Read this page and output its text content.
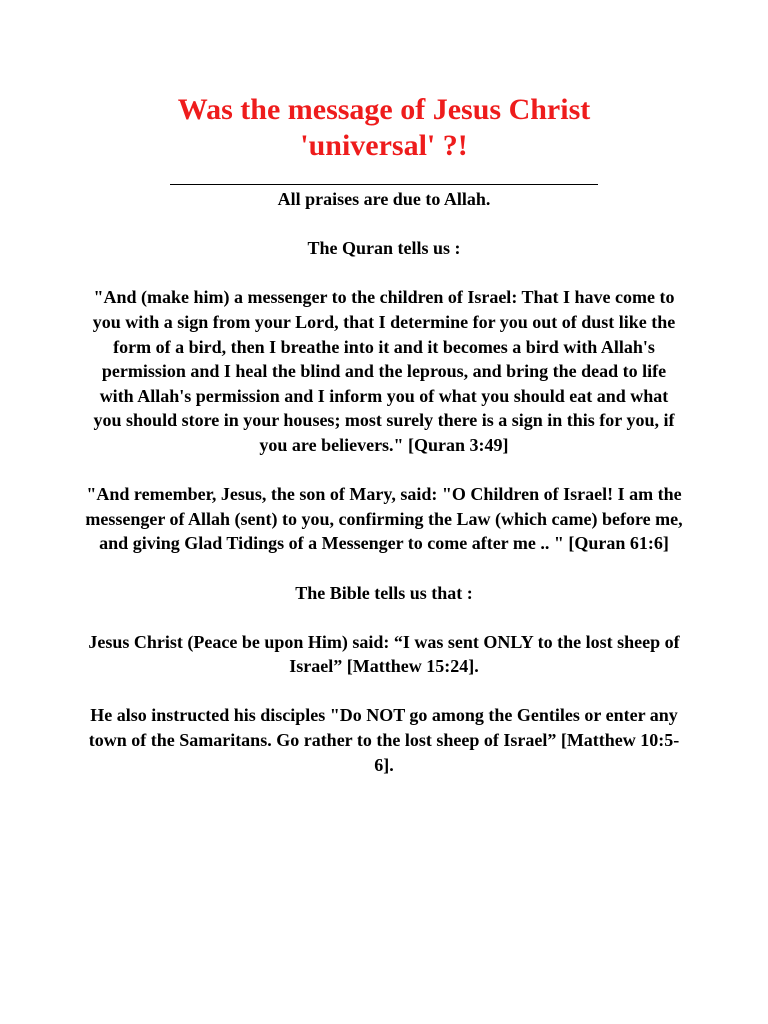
Was the message of Jesus Christ
'universal' ?!

All praises are due to Allah.

The Quran tells us :

"And (make him) a messenger to the children of Israel: That I have come to you with a sign from your Lord, that I determine for you out of dust like the form of a bird, then I breathe into it and it becomes a bird with Allah's permission and I heal the blind and the leprous, and bring the dead to life with Allah's permission and I inform you of what you should eat and what you should store in your houses; most surely there is a sign in this for you, if you are believers." [Quran 3:49]

"And remember, Jesus, the son of Mary, said: "O Children of Israel! I am the messenger of Allah (sent) to you, confirming the Law (which came) before me, and giving Glad Tidings of a Messenger to come after me .. " [Quran 61:6]

The Bible tells us that :

Jesus Christ (Peace be upon Him) said: “I was sent ONLY to the lost sheep of Israel” [Matthew 15:24].

He also instructed his disciples "Do NOT go among the Gentiles or enter any town of the Samaritans. Go rather to the lost sheep of Israel” [Matthew 10:5-6].
